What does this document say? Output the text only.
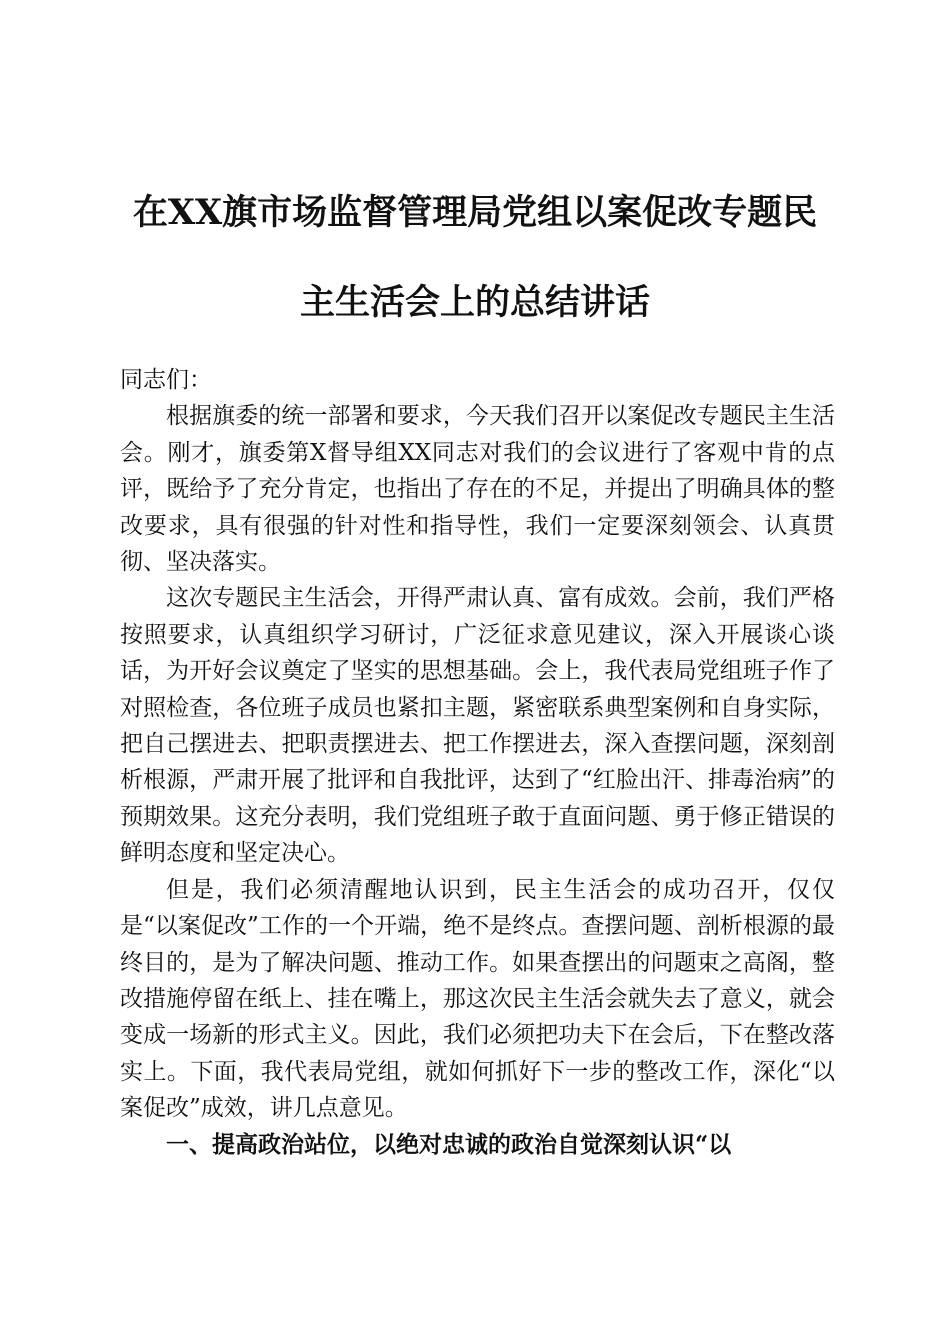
在XX旗市场监督管理局党组以案促改专题民
主生活会上的总结讲话

同志们：

根据旗委的统一部署和要求，今天我们召开以案促改专题民主生活会。刚才，旗委第X督导组XX同志对我们的会议进行了客观中肯的点评，既给予了充分肯定，也指出了存在的不足，并提出了明确具体的整改要求，具有很强的针对性和指导性，我们一定要深刻领会、认真贯彻、坚决落实。

这次专题民主生活会，开得严肃认真、富有成效。会前，我们严格按照要求，认真组织学习研讨，广泛征求意见建议，深入开展谈心谈话，为开好会议奠定了坚实的思想基础。会上，我代表局党组班子作了对照检查，各位班子成员也紧扣主题，紧密联系典型案例和自身实际，把自己摆进去、把职责摆进去、把工作摆进去，深入查摆问题，深刻剖析根源，严肃开展了批评和自我批评，达到了“红脸出汗、排毒治病”的预期效果。这充分表明，我们党组班子敢于直面问题、勇于修正错误的鲜明态度和坚定决心。

但是，我们必须清醒地认识到，民主生活会的成功召开，仅仅是“以案促改”工作的一个开端，绝不是终点。查摆问题、剖析根源的最终目的，是为了解决问题、推动工作。如果查摆出的问题束之高阁，整改措施停留在纸上、挂在嘴上，那这次民主生活会就失去了意义，就会变成一场新的形式主义。因此，我们必须把功夫下在会后，下在整改落实上。下面，我代表局党组，就如何抓好下一步的整改工作，深化“以案促改”成效，讲几点意见。

一、提高政治站位，以绝对忠诚的政治自觉深刻认识“以
